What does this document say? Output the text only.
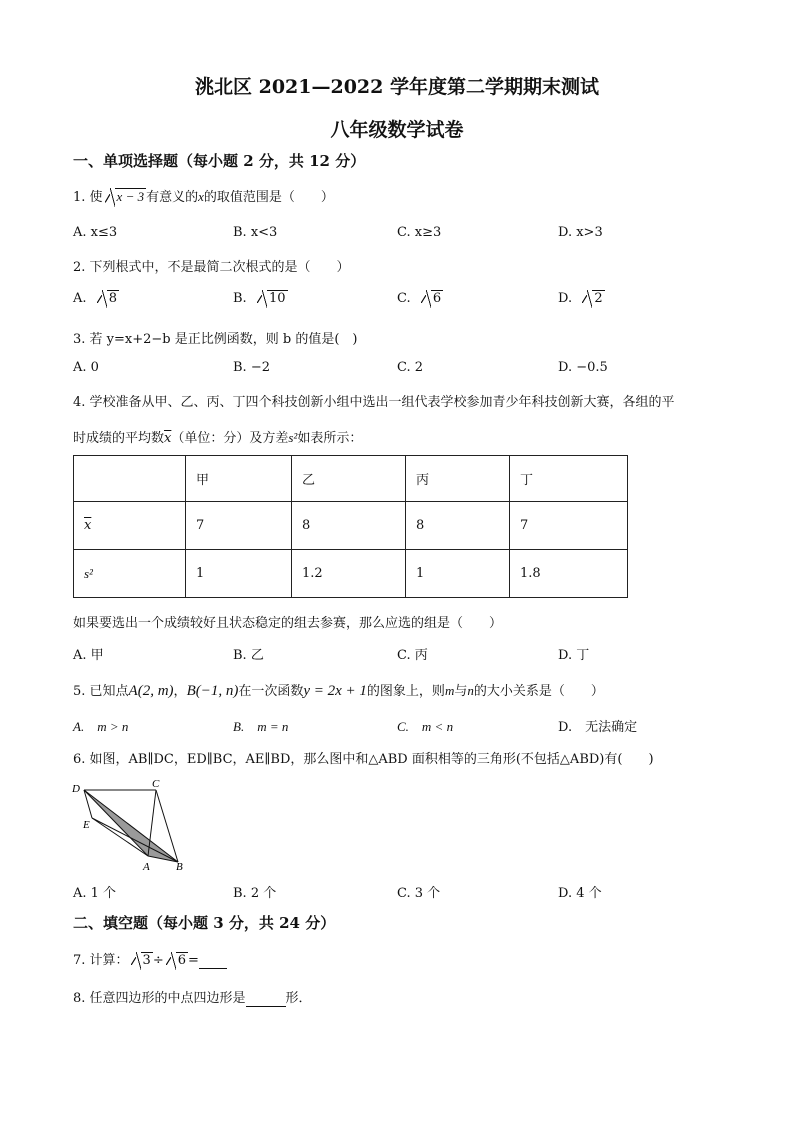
洮北区 2021—2022 学年度第二学期期末测试
八年级数学试卷
一、单项选择题（每小题 2 分，共 12 分）
1. 使 x − 3 有意义的x的取值范围是（　　）
A. x≤3	B. x<3	C. x≥3	D. x>3
2. 下列根式中，不是最简二次根式的是（　　）
A. 8	B. 10	C. 6	D. 2
3. 若 y=x+2−b 是正比例函数，则 b 的值是(　)
A. 0	B. −2	C. 2	D. −0.5
4. 学校准备从甲、乙、丙、丁四个科技创新小组中选出一组代表学校参加青少年科技创新大赛，各组的平
时成绩的平均数$\overline{x}$（单位：分）及方差s²如表所示：
	甲	乙	丙	丁
$\overline{x}$	7	8	8	7
s²	1	1.2	1	1.8
如果要选出一个成绩较好且状态稳定的组去参赛，那么应选的组是（　　）
A. 甲	B. 乙	C. 丙	D. 丁
5. 已知点A(2, m)，B(−1, n)在一次函数y = 2x + 1的图象上，则m与n的大小关系是（　　）
A.　m > n	B.　m = n	C.　m < n	D.　无法确定
6. 如图，AB∥DC，ED∥BC，AE∥BD，那么图中和△ABD 面积相等的三角形(不包括△ABD)有(　　)
D	C
E
A B
A. 1 个	B. 2 个	C. 3 个	D. 4 个
二、填空题（每小题 3 分，共 24 分）
7. 计算： 3 ÷ 6 =
8. 任意四边形的中点四边形是	形．
